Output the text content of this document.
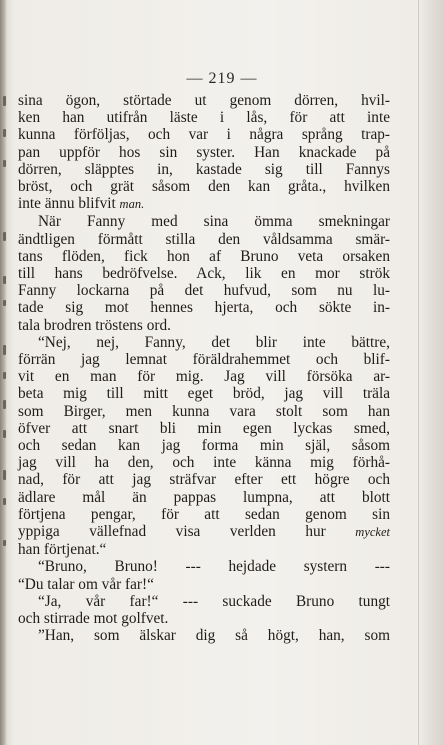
— 219 —
sina ögon, störtade ut genom dörren, hvil-
ken han utifrån läste i lås, för att inte
kunna förföljas, och var i några språng trap-
pan uppför hos sin syster. Han knackade på
dörren, släpptes in, kastade sig till Fannys
bröst, och grät såsom den kan gråta., hvilken
inte ännu blifvit man.
När Fanny med sina ömma smekningar
ändtligen förmått stilla den våldsamma smär-
tans flöden, fick hon af Bruno veta orsaken
till hans bedröfvelse. Ack, lik en mor strök
Fanny lockarna på det hufvud, som nu lu-
tade sig mot hennes hjerta, och sökte in-
tala brodren tröstens ord.
“Nej, nej, Fanny, det blir inte bättre,
förrän jag lemnat föräldrahemmet och blif-
vit en man för mig. Jag vill försöka ar-
beta mig till mitt eget bröd, jag vill träla
som Birger, men kunna vara stolt som han
öfver att snart bli min egen lyckas smed,
och sedan kan jag forma min själ, såsom
jag vill ha den, och inte känna mig förhå-
nad, för att jag sträfvar efter ett högre och
ädlare mål än pappas lumpna, att blott
förtjena pengar, för att sedan genom sin
yppiga vällefnad visa verlden hur mycket
han förtjenat.“
“Bruno, Bruno! --- hejdade systern ---
“Du talar om vår far!“
“Ja, vår far!“ --- suckade Bruno tungt
och stirrade mot golfvet.
”Han, som älskar dig så högt, han, som
